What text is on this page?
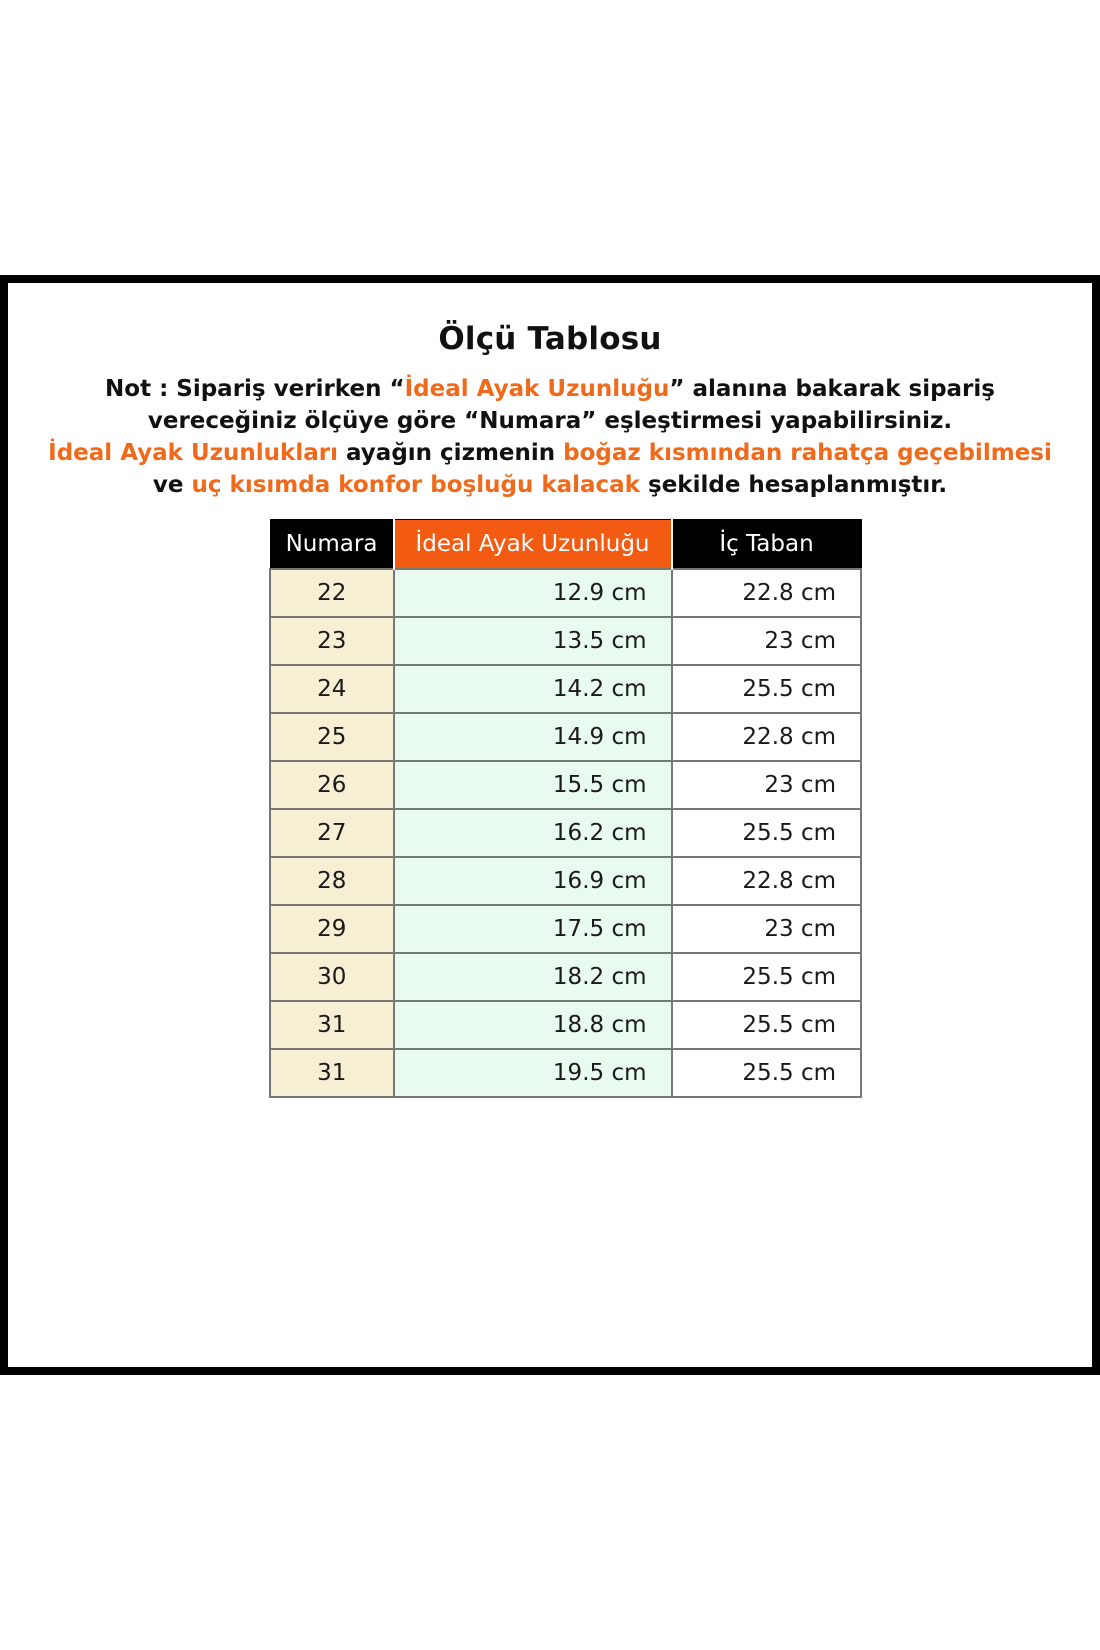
Ölçü Tablosu
Not : Sipariş verirken “İdeal Ayak Uzunluğu” alanına bakarak sipariş
vereceğiniz ölçüye göre “Numara” eşleştirmesi yapabilirsiniz.
İdeal Ayak Uzunlukları ayağın çizmenin boğaz kısmından rahatça geçebilmesi
ve uç kısımda konfor boşluğu kalacak şekilde hesaplanmıştır.
Numara	İdeal Ayak Uzunluğu	İç Taban
22	12.9 cm	22.8 cm
23	13.5 cm	23 cm
24	14.2 cm	25.5 cm
25	14.9 cm	22.8 cm
26	15.5 cm	23 cm
27	16.2 cm	25.5 cm
28	16.9 cm	22.8 cm
29	17.5 cm	23 cm
30	18.2 cm	25.5 cm
31	18.8 cm	25.5 cm
31	19.5 cm	25.5 cm
